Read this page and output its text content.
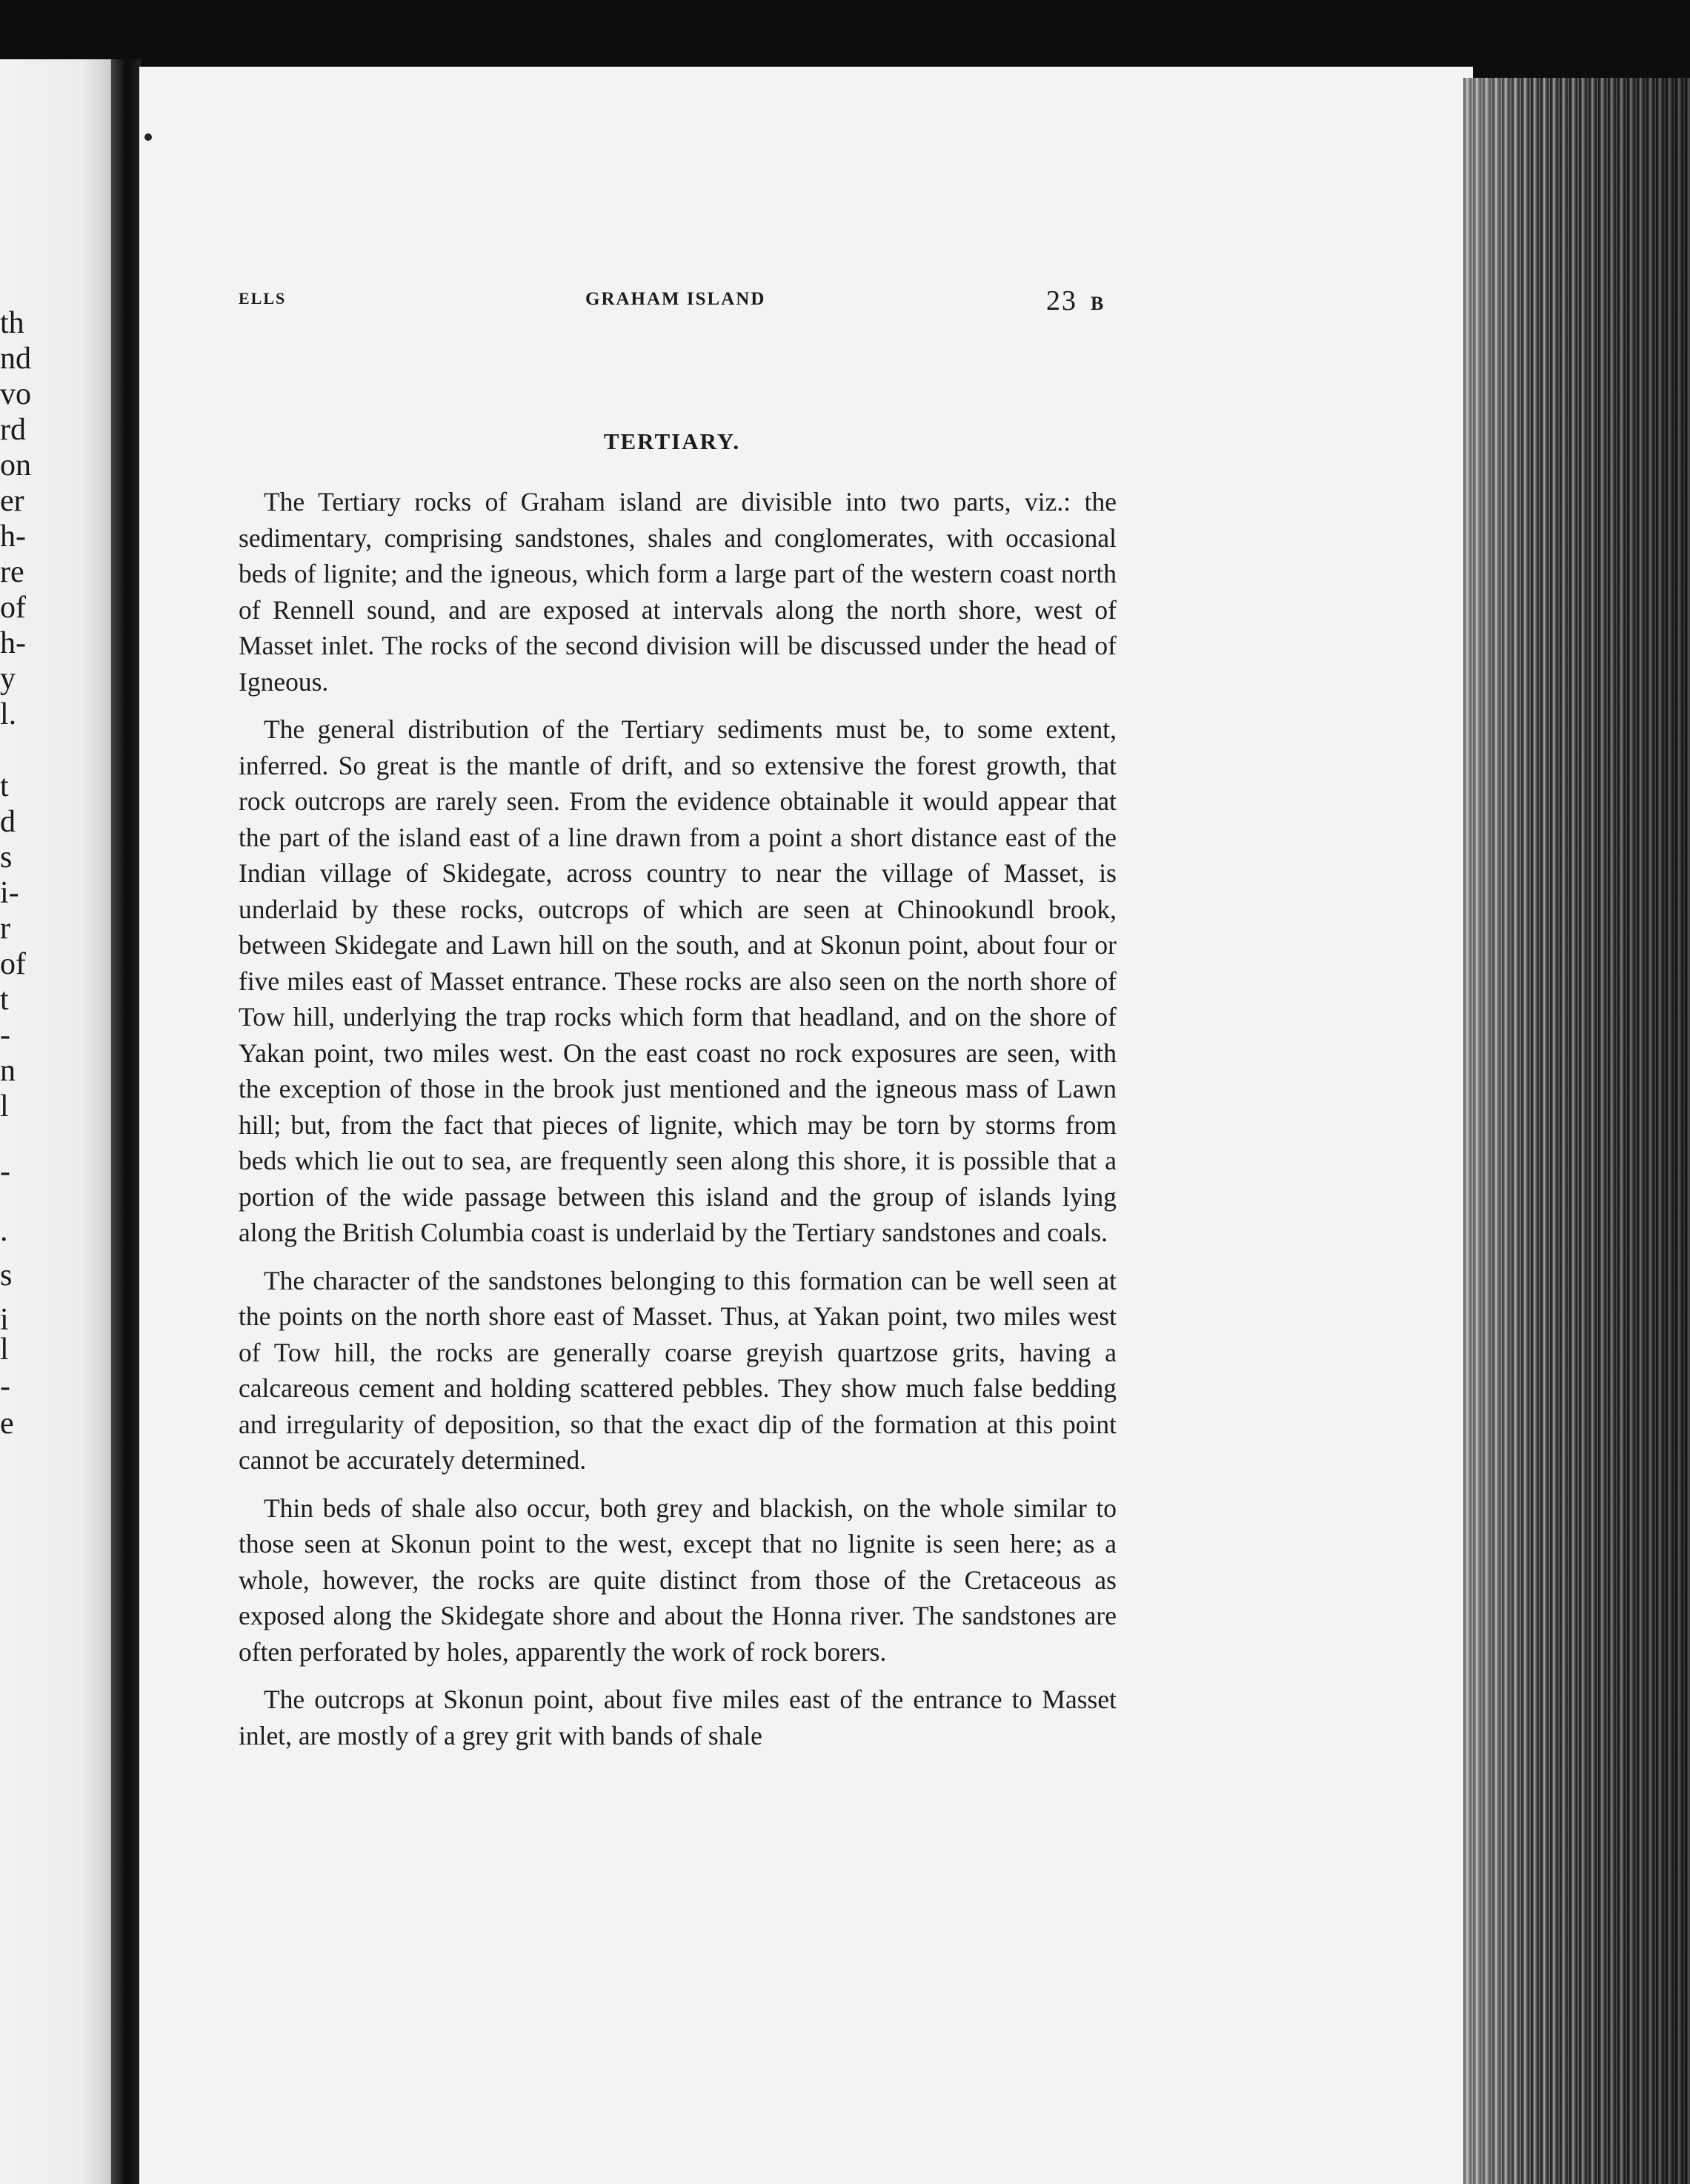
th

nd

vo

rd

on

er

h-

re

of

h-

y

l.

t

d

s

i-

r

of

t

-

n

l

-

.

s

i

l

-

e

ELLS	GRAHAM ISLAND	23 B

TERTIARY.

The Tertiary rocks of Graham island are divisible into two parts, viz.: the sedimentary, comprising sandstones, shales and conglomerates, with occasional beds of lignite; and the igneous, which form a large part of the western coast north of Rennell sound, and are exposed at intervals along the north shore, west of Masset inlet. The rocks of the second division will be discussed under the head of Igneous.

The general distribution of the Tertiary sediments must be, to some extent, inferred. So great is the mantle of drift, and so extensive the forest growth, that rock outcrops are rarely seen. From the evidence obtainable it would appear that the part of the island east of a line drawn from a point a short distance east of the Indian village of Skidegate, across country to near the village of Masset, is underlaid by these rocks, outcrops of which are seen at Chinookundl brook, between Skidegate and Lawn hill on the south, and at Skonun point, about four or five miles east of Masset entrance. These rocks are also seen on the north shore of Tow hill, underlying the trap rocks which form that headland, and on the shore of Yakan point, two miles west. On the east coast no rock exposures are seen, with the exception of those in the brook just mentioned and the igneous mass of Lawn hill; but, from the fact that pieces of lignite, which may be torn by storms from beds which lie out to sea, are frequently seen along this shore, it is possible that a portion of the wide passage between this island and the group of islands lying along the British Columbia coast is underlaid by the Tertiary sandstones and coals.

The character of the sandstones belonging to this formation can be well seen at the points on the north shore east of Masset. Thus, at Yakan point, two miles west of Tow hill, the rocks are generally coarse greyish quartzose grits, having a calcareous cement and holding scattered pebbles. They show much false bedding and irregularity of deposition, so that the exact dip of the formation at this point cannot be accurately determined.

Thin beds of shale also occur, both grey and blackish, on the whole similar to those seen at Skonun point to the west, except that no lignite is seen here; as a whole, however, the rocks are quite distinct from those of the Cretaceous as exposed along the Skidegate shore and about the Honna river. The sandstones are often perforated by holes, apparently the work of rock borers.

The outcrops at Skonun point, about five miles east of the entrance to Masset inlet, are mostly of a grey grit with bands of shale
